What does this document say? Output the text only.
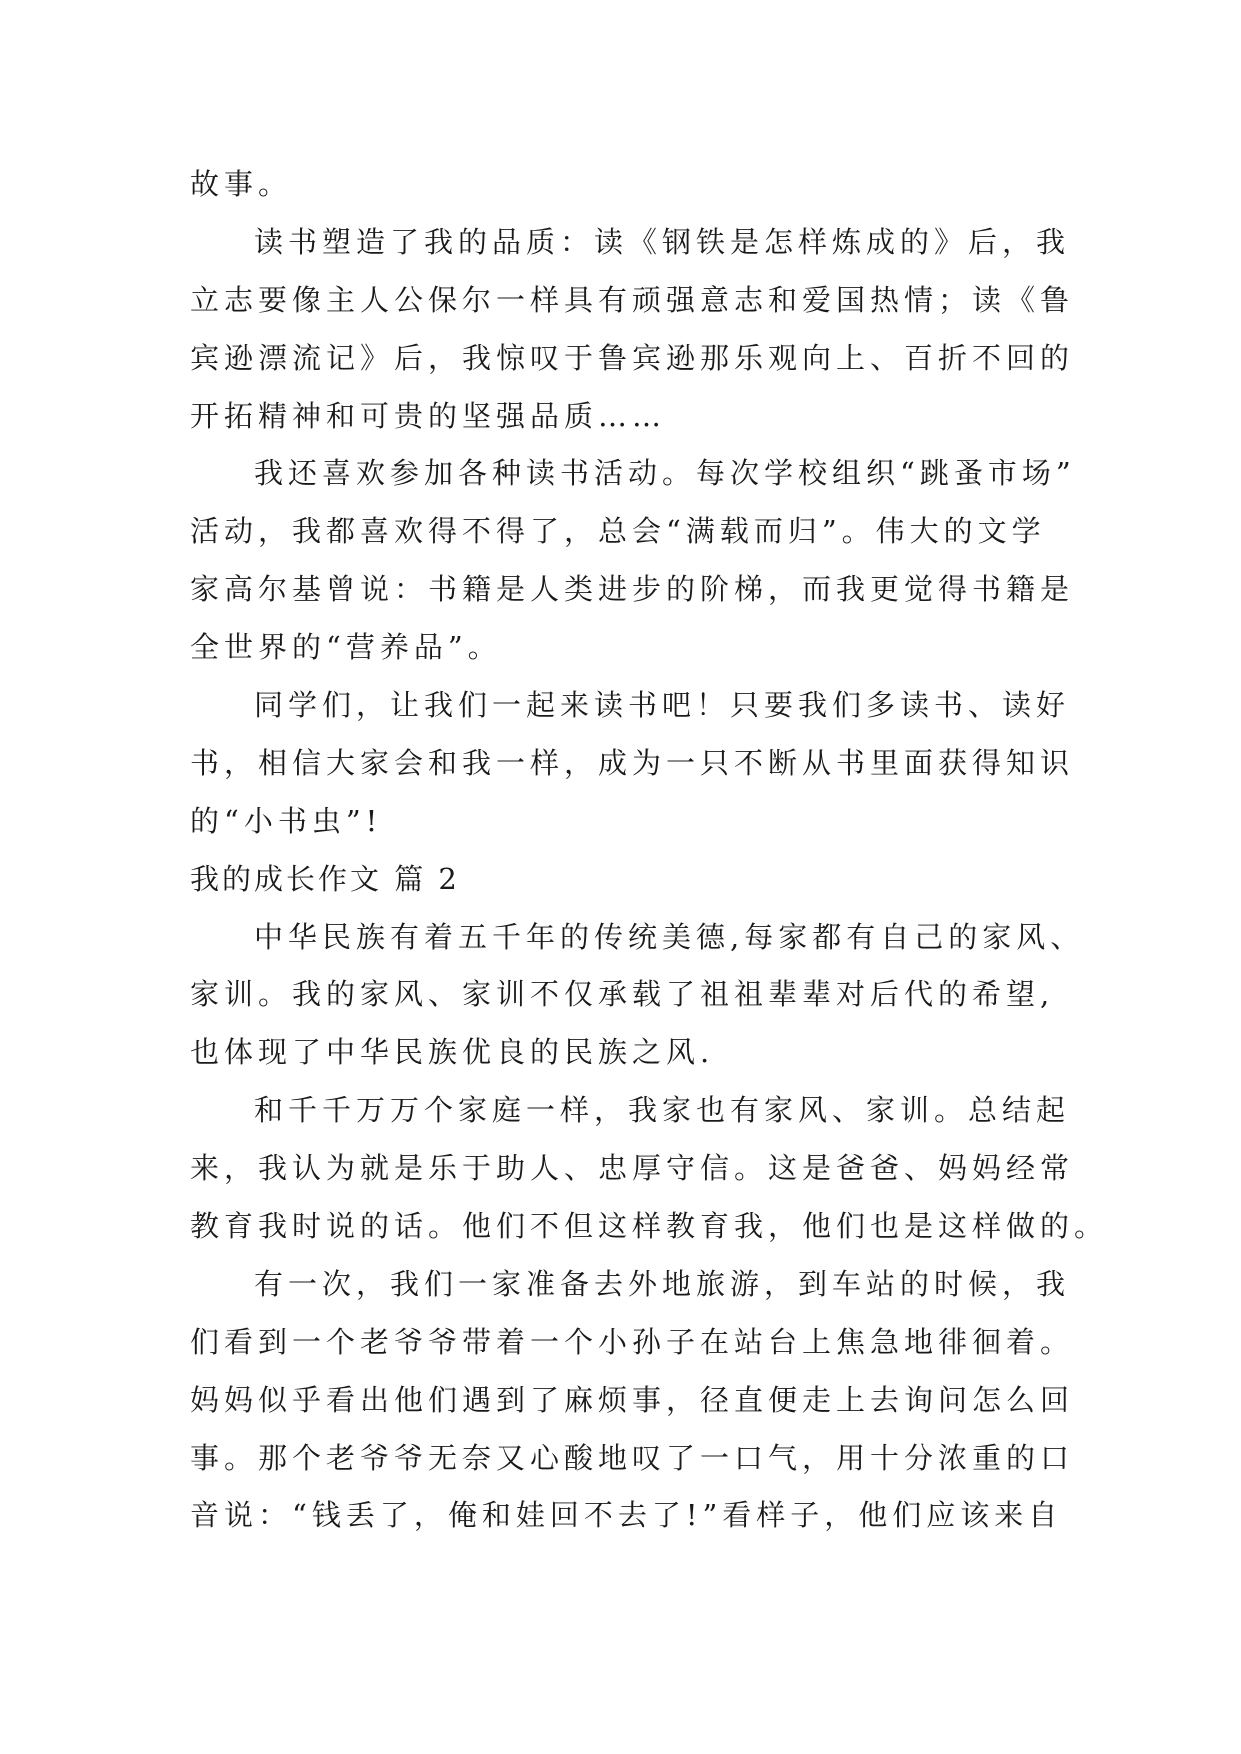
故事。
读书塑造了我的品质：读《钢铁是怎样炼成的》后，我
立志要像主人公保尔一样具有顽强意志和爱国热情；读《鲁
宾逊漂流记》后，我惊叹于鲁宾逊那乐观向上、百折不回的
开拓精神和可贵的坚强品质……
我还喜欢参加各种读书活动。每次学校组织“跳蚤市场”
活动，我都喜欢得不得了，总会“满载而归”。伟大的文学
家高尔基曾说：书籍是人类进步的阶梯，而我更觉得书籍是
全世界的“营养品”。
同学们，让我们一起来读书吧！只要我们多读书、读好
书，相信大家会和我一样，成为一只不断从书里面获得知识
的“小书虫”!
我的成长作文 篇 2
中华民族有着五千年的传统美德,每家都有自己的家风、
家训。我的家风、家训不仅承载了祖祖辈辈对后代的希望,
也体现了中华民族优良的民族之风.
和千千万万个家庭一样，我家也有家风、家训。总结起
来，我认为就是乐于助人、忠厚守信。这是爸爸、妈妈经常
教育我时说的话。他们不但这样教育我，他们也是这样做的。
有一次，我们一家准备去外地旅游，到车站的时候，我
们看到一个老爷爷带着一个小孙子在站台上焦急地徘徊着。
妈妈似乎看出他们遇到了麻烦事，径直便走上去询问怎么回
事。那个老爷爷无奈又心酸地叹了一口气，用十分浓重的口
音说：“钱丢了，俺和娃回不去了!”看样子，他们应该来自
